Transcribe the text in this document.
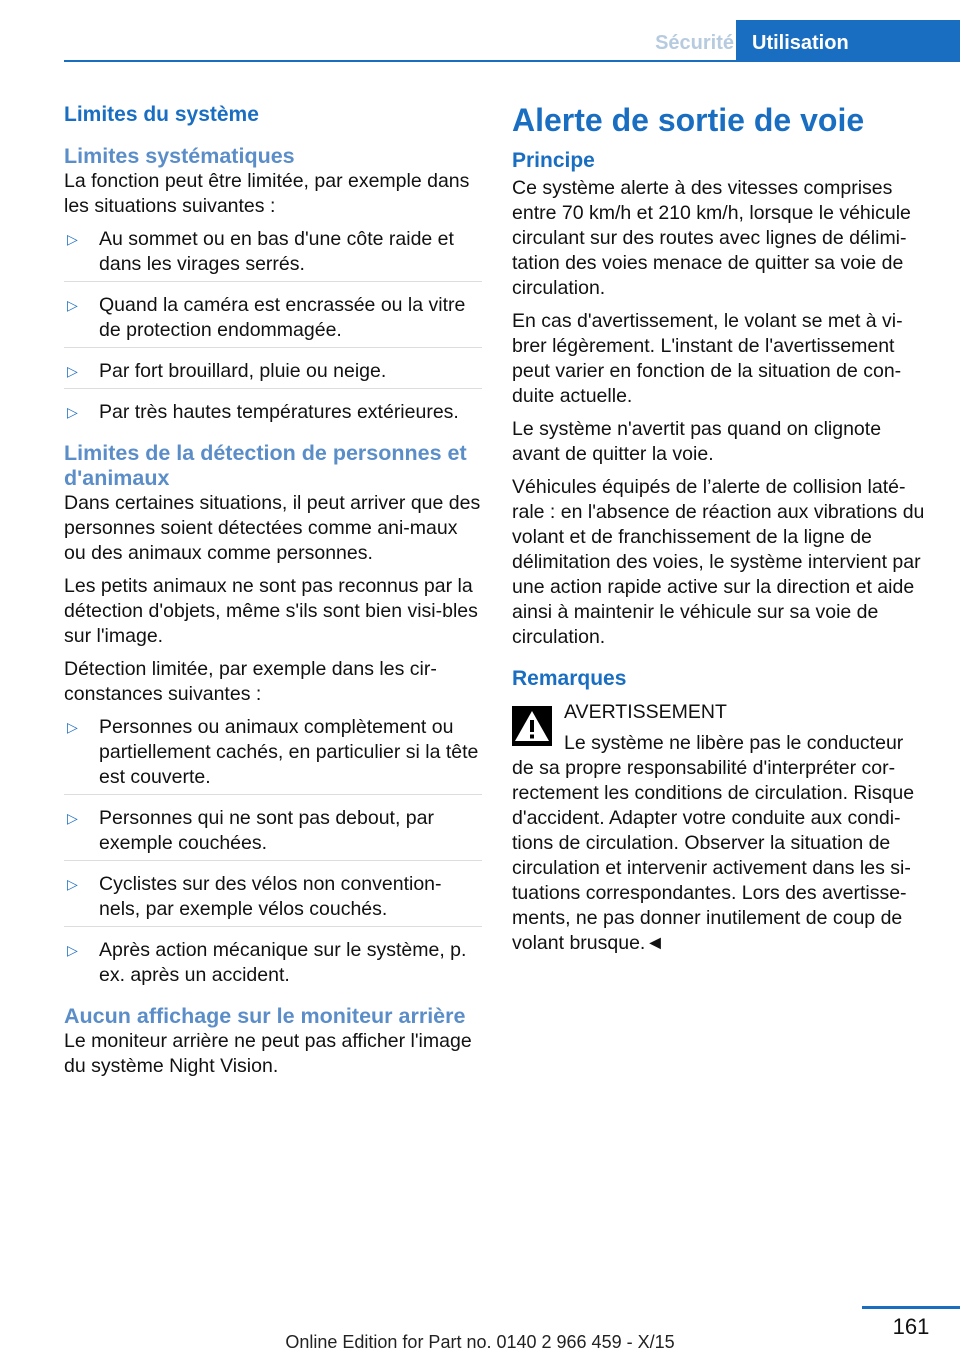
Sécurité Utilisation
Limites du système
Limites systématiques

La fonction peut être limitée, par exemple dans les situations suivantes :

▷ Au sommet ou en bas d'une côte raide et dans les virages serrés.
▷ Quand la caméra est encrassée ou la vitre de protection endommagée.
▷ Par fort brouillard, pluie ou neige.
▷ Par très hautes températures extérieures.
Limites de la détection de personnes et d'animaux

Dans certaines situations, il peut arriver que des personnes soient détectées comme ani-maux ou des animaux comme personnes.

Les petits animaux ne sont pas reconnus par la détection d'objets, même s'ils sont bien visi-bles sur l'image.

Détection limitée, par exemple dans les cir-constances suivantes :

▷ Personnes ou animaux complètement ou partiellement cachés, en particulier si la tête est couverte.
▷ Personnes qui ne sont pas debout, par exemple couchées.
▷ Cyclistes sur des vélos non convention-nels, par exemple vélos couchés.
▷ Après action mécanique sur le système, p. ex. après un accident.
Aucun affichage sur le moniteur arrière

Le moniteur arrière ne peut pas afficher l'image du système Night Vision.

Alerte de sortie de voie
Principe

Ce système alerte à des vitesses comprises entre 70 km/h et 210 km/h, lorsque le véhicule circulant sur des routes avec lignes de délimi-tation des voies menace de quitter sa voie de circulation.

En cas d'avertissement, le volant se met à vi-brer légèrement. L'instant de l'avertissement peut varier en fonction de la situation de con-duite actuelle.

Le système n'avertit pas quand on clignote avant de quitter la voie.

Véhicules équipés de l’alerte de collision laté-rale : en l'absence de réaction aux vibrations du volant et de franchissement de la ligne de délimitation des voies, le système intervient par une action rapide active sur la direction et aide ainsi à maintenir le véhicule sur sa voie de circulation.

Remarques

AVERTISSEMENT

Le système ne libère pas le conducteur

de sa propre responsabilité d'interpréter cor-rectement les conditions de circulation. Risque d'accident. Adapter votre conduite aux condi-tions de circulation. Observer la situation de circulation et intervenir activement dans les si-tuations correspondantes. Lors des avertisse-ments, ne pas donner inutilement de coup de volant brusque.◄

161
Online Edition for Part no. 0140 2 966 459 - X/15
